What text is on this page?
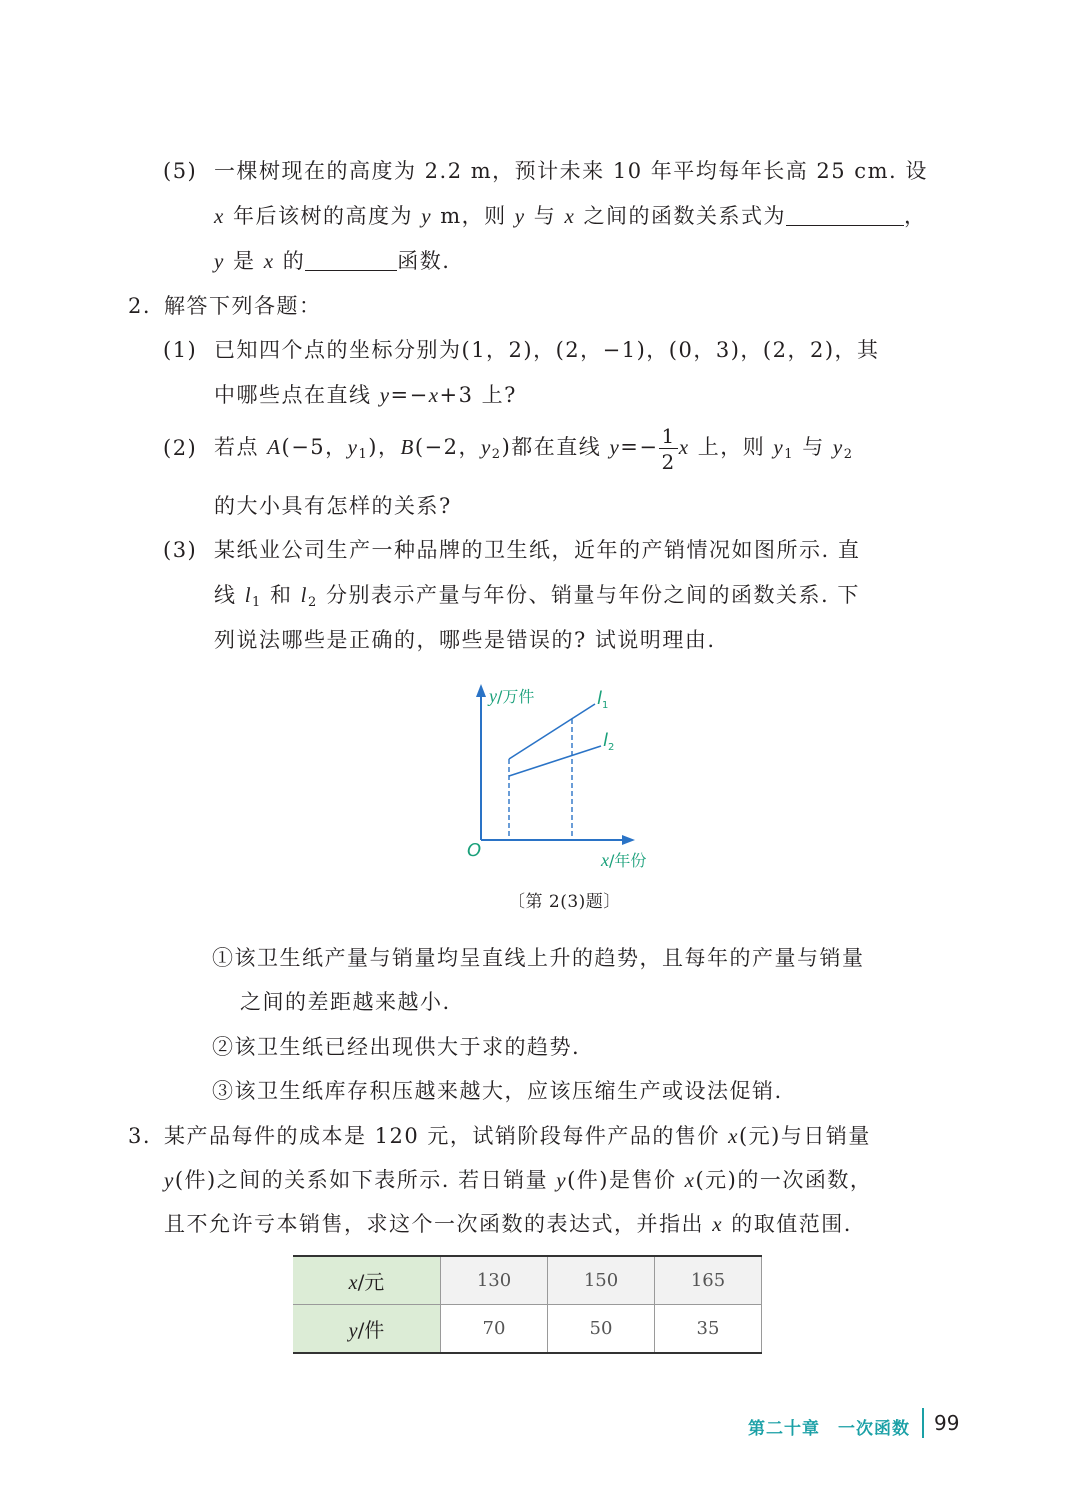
(5) 一棵树现在的高度为 2.2 m，预计未来 10 年平均每年长高 25 cm. 设
x 年后该树的高度为 y m，则 y 与 x 之间的函数关系式为	，
y 是 x 的	函数.
2. 解答下列各题：
(1) 已知四个点的坐标分别为(1，2)，(2，−1)，(0，3)，(2，2)，其
中哪些点在直线 y=−x+3 上?
(2) 若点 A(−5，$y_1$)，B(−2，$y_2$)都在直线 $y=- \frac{1}{2}$ x 上，则 $y_1$ 与 $y_2$
的大小具有怎样的关系?
(3) 某纸业公司生产一种品牌的卫生纸，近年的产销情况如图所示. 直
线 $l_1$ 和 $l_2$ 分别表示产量与年份、销量与年份之间的函数关系. 下
列说法哪些是正确的，哪些是错误的? 试说明理由.
y/万件	$l_1$
$l_2$
O	x/年份
〔第 2(3)题〕
①该卫生纸产量与销量均呈直线上升的趋势，且每年的产量与销量
之间的差距越来越小.
②该卫生纸已经出现供大于求的趋势.
③该卫生纸库存积压越来越大，应该压缩生产或设法促销.
3. 某产品每件的成本是 120 元，试销阶段每件产品的售价 x(元)与日销量
y(件)之间的关系如下表所示. 若日销量 y(件)是售价 x(元)的一次函数，
且不允许亏本销售，求这个一次函数的表达式，并指出 x 的取值范围.
x/元	130	150	165
y/件	70	50	35
第二十章　一次函数 99
